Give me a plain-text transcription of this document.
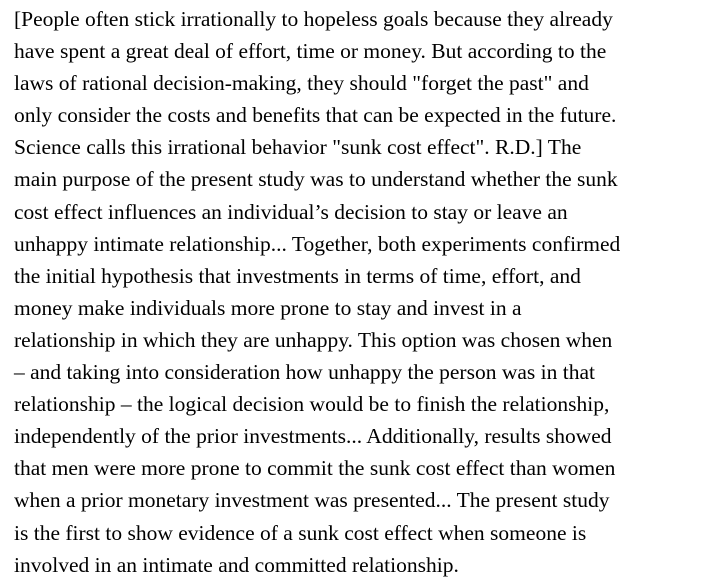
[People often stick irrationally to hopeless goals because they already
have spent a great deal of effort, time or money. But according to the
laws of rational decision-making, they should "forget the past" and
only consider the costs and benefits that can be expected in the future.
Science calls this irrational behavior "sunk cost effect". R.D.] The
main purpose of the present study was to understand whether the sunk
cost effect influences an individual’s decision to stay or leave an
unhappy intimate relationship... Together, both experiments confirmed
the initial hypothesis that investments in terms of time, effort, and
money make individuals more prone to stay and invest in a
relationship in which they are unhappy. This option was chosen when
– and taking into consideration how unhappy the person was in that
relationship – the logical decision would be to finish the relationship,
independently of the prior investments... Additionally, results showed
that men were more prone to commit the sunk cost effect than women
when a prior monetary investment was presented... The present study
is the first to show evidence of a sunk cost effect when someone is
involved in an intimate and committed relationship.
